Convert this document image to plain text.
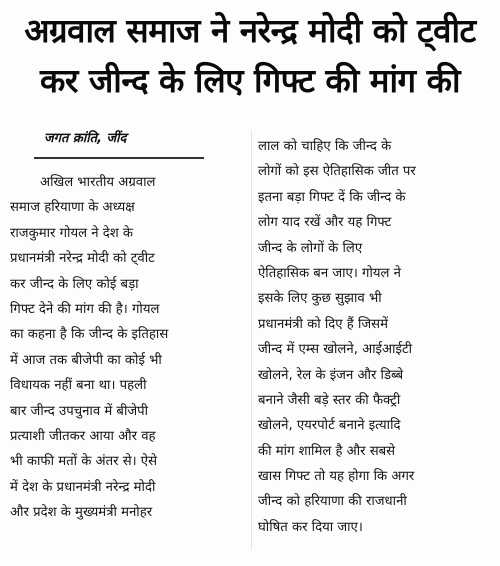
अग्रवाल समाज ने नरेन्द्र मोदी को ट्वीट
कर जीन्द के लिए गिफ्ट की मांग की
जगत क्रांति, जींद
अखिल भारतीय अग्रवाल
समाज हरियाणा के अध्यक्ष
राजकुमार गोयल ने देश के
प्रधानमंत्री नरेन्द्र मोदी को ट्वीट
कर जीन्द के लिए कोई बड़ा
गिफ्ट देने की मांग की है। गोयल
का कहना है कि जीन्द के इतिहास
में आज तक बीजेपी का कोई भी
विधायक नहीं बना था। पहली
बार जीन्द उपचुनाव में बीजेपी
प्रत्याशी जीतकर आया और वह
भी काफी मतों के अंतर से। ऐसे
में देश के प्रधानमंत्री नरेन्द्र मोदी
और प्रदेश के मुख्यमंत्री मनोहर
लाल को चाहिए कि जीन्द के
लोगों को इस ऐतिहासिक जीत पर
इतना बड़ा गिफ्ट दें कि जीन्द के
लोग याद रखें और यह गिफ्ट
जीन्द के लोगों के लिए
ऐतिहासिक बन जाए। गोयल ने
इसके लिए कुछ सुझाव भी
प्रधानमंत्री को दिए हैं जिसमें
जीन्द में एम्स खोलने, आईआईटी
खोलने, रेल के इंजन और डिब्बे
बनाने जैसी बड़े स्तर की फैक्ट्री
खोलने, एयरपोर्ट बनाने इत्यादि
की मांग शामिल है और सबसे
खास गिफ्ट तो यह होगा कि अगर
जीन्द को हरियाणा की राजधानी
घोषित कर दिया जाए।
